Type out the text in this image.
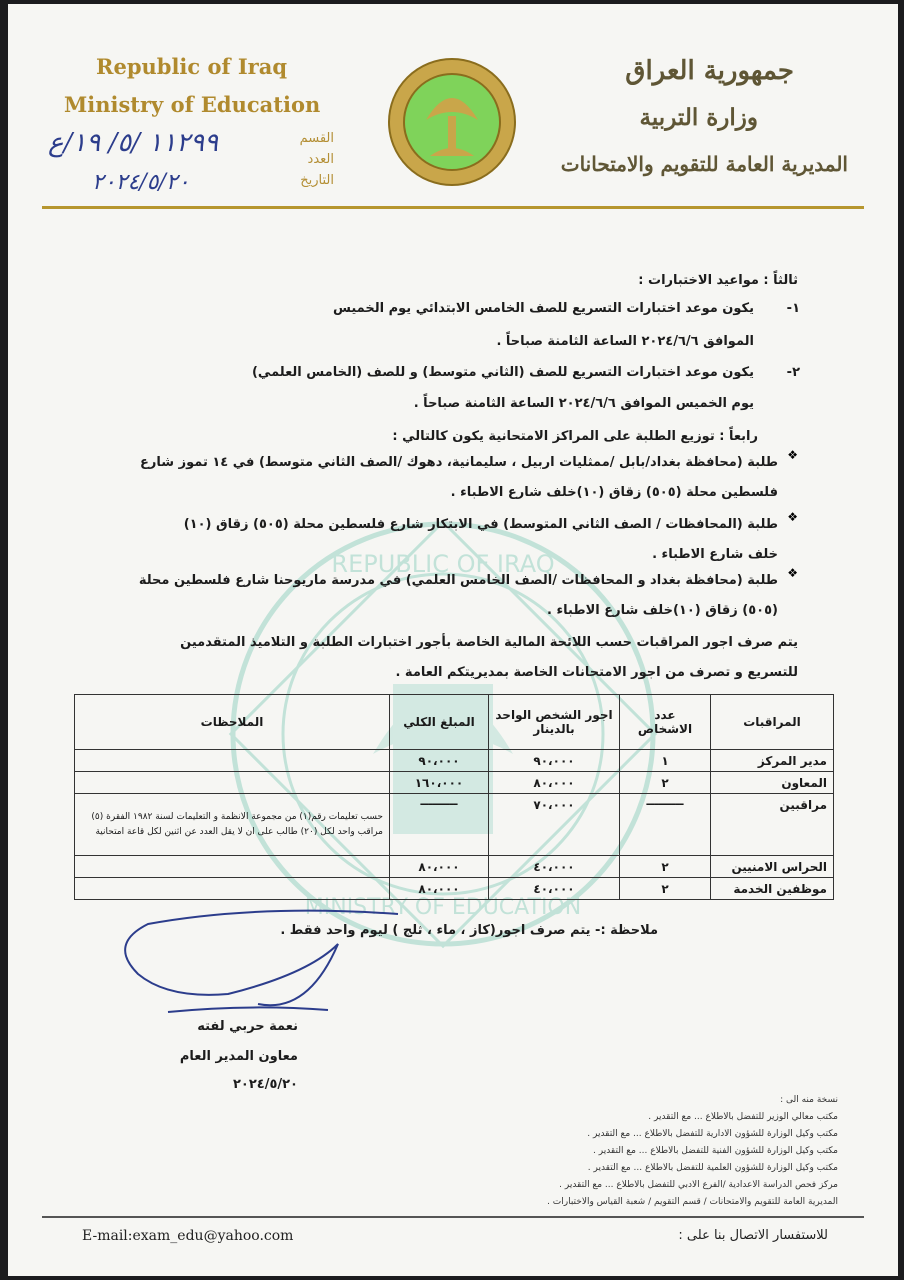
REPUBLIC OF IRAQ
MINISTRY OF EDUCATION
Republic of Iraq
Ministry of Education
القسم
العدد
التاريخ
١١٢٩٩ /٥/ ١٩/ع
٢٠٢٤/٥/٢٠
جمهورية العراق
وزارة التربية
المديرية العامة للتقويم والامتحانات
ثالثاً : مواعيد الاختبارات :
١-
يكون موعد اختبارات التسريع للصف الخامس الابتدائي يوم الخميس
الموافق ٢٠٢٤/٦/٦ الساعة الثامنة صباحاً .
٢-
يكون موعد اختبارات التسريع للصف (الثاني متوسط) و للصف (الخامس العلمي)
يوم الخميس الموافق ٢٠٢٤/٦/٦ الساعة الثامنة صباحاً .
رابعاً : توزيع الطلبة على المراكز الامتحانية يكون كالتالي :
❖
طلبة (محافظة بغداد/بابل /ممثليات اربيل ، سليمانية، دهوك /الصف الثاني متوسط) في ١٤ تموز شارع
فلسطين محلة (٥٠٥) زقاق (١٠)خلف شارع الاطباء .
❖
طلبة (المحافظات / الصف الثاني المتوسط) في الابتكار شارع فلسطين محلة (٥٠٥) زقاق (١٠)
خلف شارع الاطباء .
❖
طلبة (محافظة بغداد و المحافظات /الصف الخامس العلمي) في مدرسة ماريوحنا شارع فلسطين محلة
(٥٠٥) زقاق (١٠)خلف شارع الاطباء .
يتم صرف اجور المراقبات حسب اللائحة المالية الخاصة بأجور اختبارات الطلبة و التلاميذ المتقدمين
للتسريع و تصرف من اجور الامتحانات الخاصة بمديريتكم العامة .
المراقبات	عدد الاشخاص	اجور الشخص الواحد بالدينار	المبلغ الكلي	الملاحظات
مدير المركز	١	٩٠،٠٠٠	٩٠،٠٠٠	
المعاون	٢	٨٠،٠٠٠	١٦٠،٠٠٠	
مراقبين	ـــــــــ	٧٠،٠٠٠	ـــــــــ	حسب تعليمات رقم(١) من مجموعة الانظمة و التعليمات لسنة ١٩٨٢ الفقرة (٥) مراقب واحد لكل (٢٠) طالب على ان لا يقل العدد عن اثنين لكل قاعة امتحانية
الحراس الامنيين	٢	٤٠،٠٠٠	٨٠،٠٠٠	
موظفين الخدمة	٢	٤٠،٠٠٠	٨٠،٠٠٠	
ملاحظة :- يتم صرف اجور(كاز ، ماء ، ثلج ) ليوم واحد فقط .
نعمة حربي لفته
معاون المدير العام
٢٠٢٤/٥/٢٠
نسخة منه الى :
مكتب معالي الوزير للتفضل بالاطلاع ... مع التقدير .
مكتب وكيل الوزارة للشؤون الادارية للتفضل بالاطلاع ... مع التقدير .
مكتب وكيل الوزارة للشؤون الفنية للتفضل بالاطلاع ... مع التقدير .
مكتب وكيل الوزارة للشؤون العلمية للتفضل بالاطلاع ... مع التقدير .
مركز فحص الدراسة الاعدادية /الفرع الادبي للتفضل بالاطلاع ... مع التقدير .
المديرية العامة للتقويم والامتحانات / قسم التقويم / شعبة القياس والاختبارات .
E-mail:exam_edu@yahoo.com	للاستفسار الاتصال بنا على :
